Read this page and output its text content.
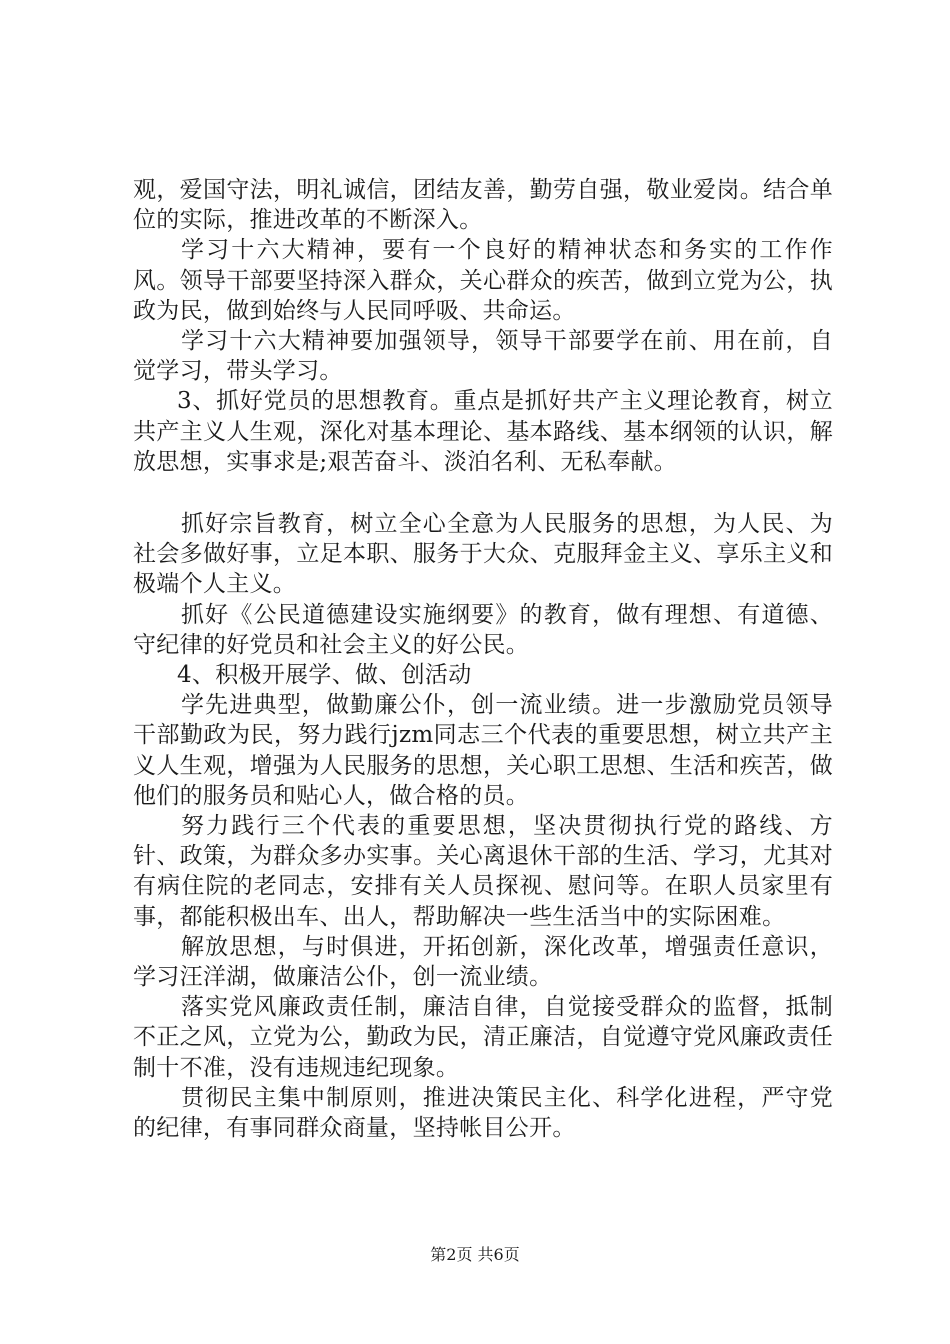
观，爱国守法，明礼诚信，团结友善，勤劳自强，敬业爱岗。结合单位的实际，推进改革的不断深入。

学习十六大精神，要有一个良好的精神状态和务实的工作作风。领导干部要坚持深入群众，关心群众的疾苦，做到立党为公，执政为民，做到始终与人民同呼吸、共命运。

学习十六大精神要加强领导，领导干部要学在前、用在前，自觉学习，带头学习。

3、抓好党员的思想教育。重点是抓好共产主义理论教育，树立共产主义人生观，深化对基本理论、基本路线、基本纲领的认识，解放思想，实事求是;艰苦奋斗、淡泊名利、无私奉献。

抓好宗旨教育，树立全心全意为人民服务的思想，为人民、为社会多做好事，立足本职、服务于大众、克服拜金主义、享乐主义和极端个人主义。

抓好《公民道德建设实施纲要》的教育，做有理想、有道德、守纪律的好党员和社会主义的好公民。

4、积极开展学、做、创活动

学先进典型，做勤廉公仆，创一流业绩。进一步激励党员领导干部勤政为民，努力践行jzm同志三个代表的重要思想，树立共产主义人生观，增强为人民服务的思想，关心职工思想、生活和疾苦，做他们的服务员和贴心人，做合格的员。

努力践行三个代表的重要思想，坚决贯彻执行党的路线、方针、政策，为群众多办实事。关心离退休干部的生活、学习，尤其对有病住院的老同志，安排有关人员探视、慰问等。在职人员家里有事，都能积极出车、出人，帮助解决一些生活当中的实际困难。

解放思想，与时俱进，开拓创新，深化改革，增强责任意识，学习汪洋湖，做廉洁公仆，创一流业绩。

落实党风廉政责任制，廉洁自律，自觉接受群众的监督，抵制不正之风，立党为公，勤政为民，清正廉洁，自觉遵守党风廉政责任制十不准，没有违规违纪现象。

贯彻民主集中制原则，推进决策民主化、科学化进程，严守党的纪律，有事同群众商量，坚持帐目公开。

第2页 共6页
